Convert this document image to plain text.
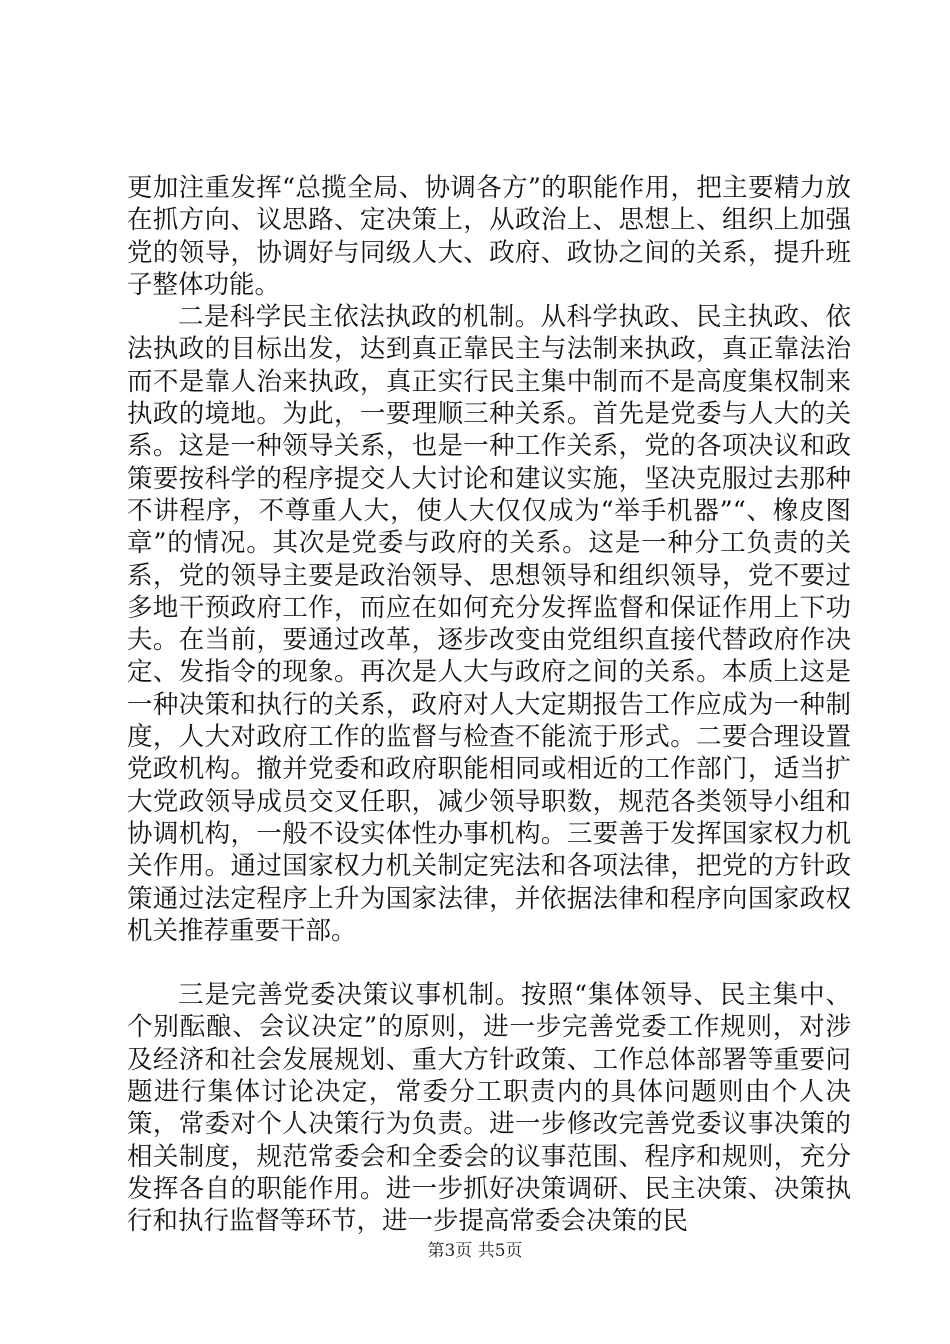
更加注重发挥“总揽全局、协调各方”的职能作用，把主要精力放在抓方向、议思路、定决策上，从政治上、思想上、组织上加强党的领导，协调好与同级人大、政府、政协之间的关系，提升班子整体功能。

二是科学民主依法执政的机制。从科学执政、民主执政、依法执政的目标出发，达到真正靠民主与法制来执政，真正靠法治而不是靠人治来执政，真正实行民主集中制而不是高度集权制来执政的境地。为此，一要理顺三种关系。首先是党委与人大的关系。这是一种领导关系，也是一种工作关系，党的各项决议和政策要按科学的程序提交人大讨论和建议实施，坚决克服过去那种不讲程序，不尊重人大，使人大仅仅成为“举手机器”“、橡皮图章”的情况。其次是党委与政府的关系。这是一种分工负责的关系，党的领导主要是政治领导、思想领导和组织领导，党不要过多地干预政府工作，而应在如何充分发挥监督和保证作用上下功夫。在当前，要通过改革，逐步改变由党组织直接代替政府作决定、发指令的现象。再次是人大与政府之间的关系。本质上这是一种决策和执行的关系，政府对人大定期报告工作应成为一种制度，人大对政府工作的监督与检查不能流于形式。二要合理设置党政机构。撤并党委和政府职能相同或相近的工作部门，适当扩大党政领导成员交叉任职，减少领导职数，规范各类领导小组和协调机构，一般不设实体性办事机构。三要善于发挥国家权力机关作用。通过国家权力机关制定宪法和各项法律，把党的方针政策通过法定程序上升为国家法律，并依据法律和程序向国家政权机关推荐重要干部。

三是完善党委决策议事机制。按照“集体领导、民主集中、个别酝酿、会议决定”的原则，进一步完善党委工作规则，对涉及经济和社会发展规划、重大方针政策、工作总体部署等重要问题进行集体讨论决定，常委分工职责内的具体问题则由个人决策，常委对个人决策行为负责。进一步修改完善党委议事决策的相关制度，规范常委会和全委会的议事范围、程序和规则，充分发挥各自的职能作用。进一步抓好决策调研、民主决策、决策执行和执行监督等环节，进一步提高常委会决策的民

第3页 共5页
